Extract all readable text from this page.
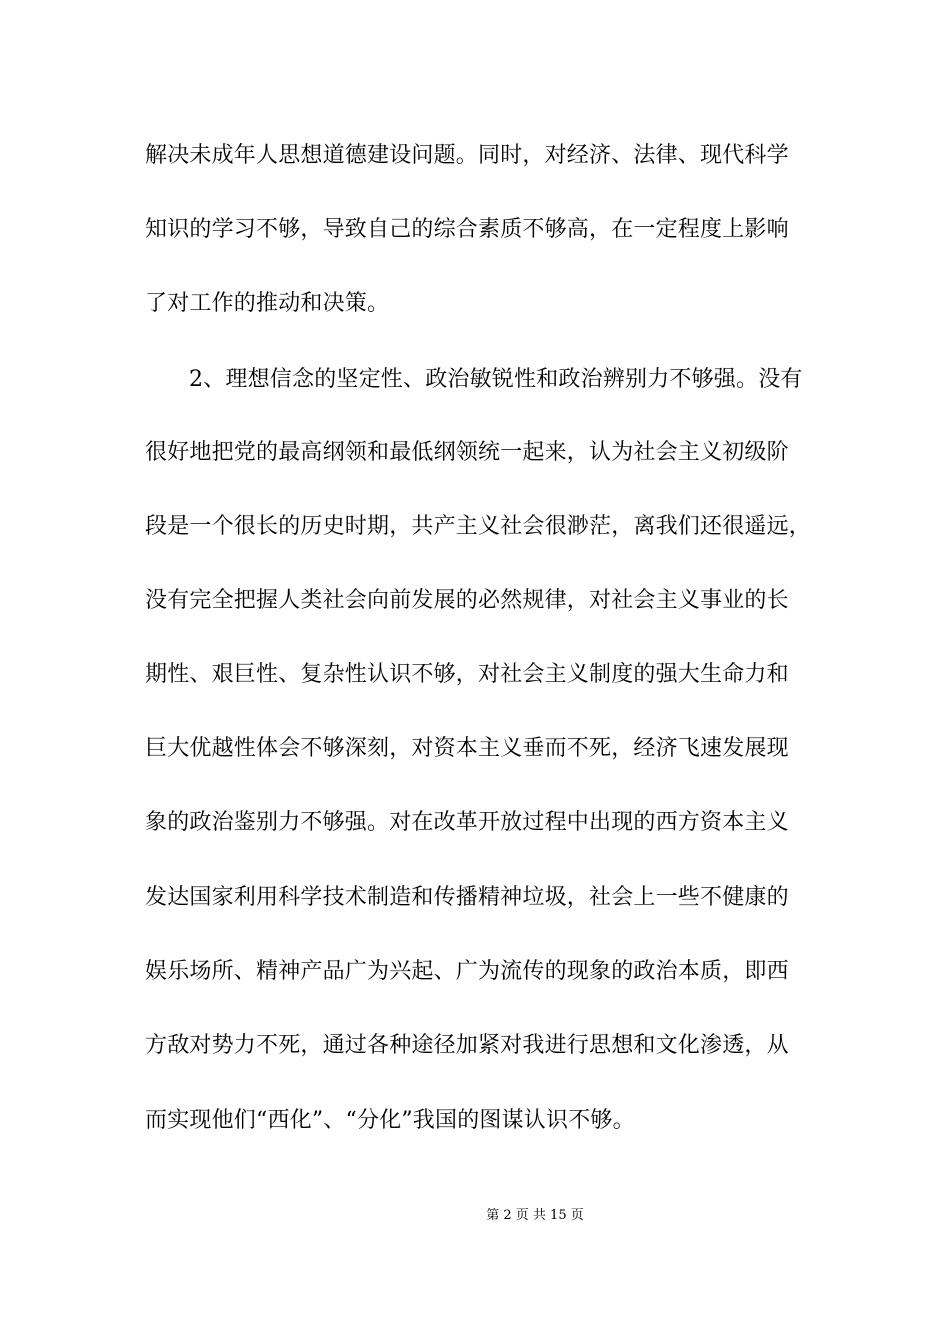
解决未成年人思想道德建设问题。同时，对经济、法律、现代科学
知识的学习不够，导致自己的综合素质不够高，在一定程度上影响
了对工作的推动和决策。
2、理想信念的坚定性、政治敏锐性和政治辨别力不够强。没有
很好地把党的最高纲领和最低纲领统一起来，认为社会主义初级阶
段是一个很长的历史时期，共产主义社会很渺茫，离我们还很遥远，
没有完全把握人类社会向前发展的必然规律，对社会主义事业的长
期性、艰巨性、复杂性认识不够，对社会主义制度的强大生命力和
巨大优越性体会不够深刻，对资本主义垂而不死，经济飞速发展现
象的政治鉴别力不够强。对在改革开放过程中出现的西方资本主义
发达国家利用科学技术制造和传播精神垃圾，社会上一些不健康的
娱乐场所、精神产品广为兴起、广为流传的现象的政治本质，即西
方敌对势力不死，通过各种途径加紧对我进行思想和文化渗透，从
而实现他们“西化”、“分化”我国的图谋认识不够。
第 2 页 共 15 页
